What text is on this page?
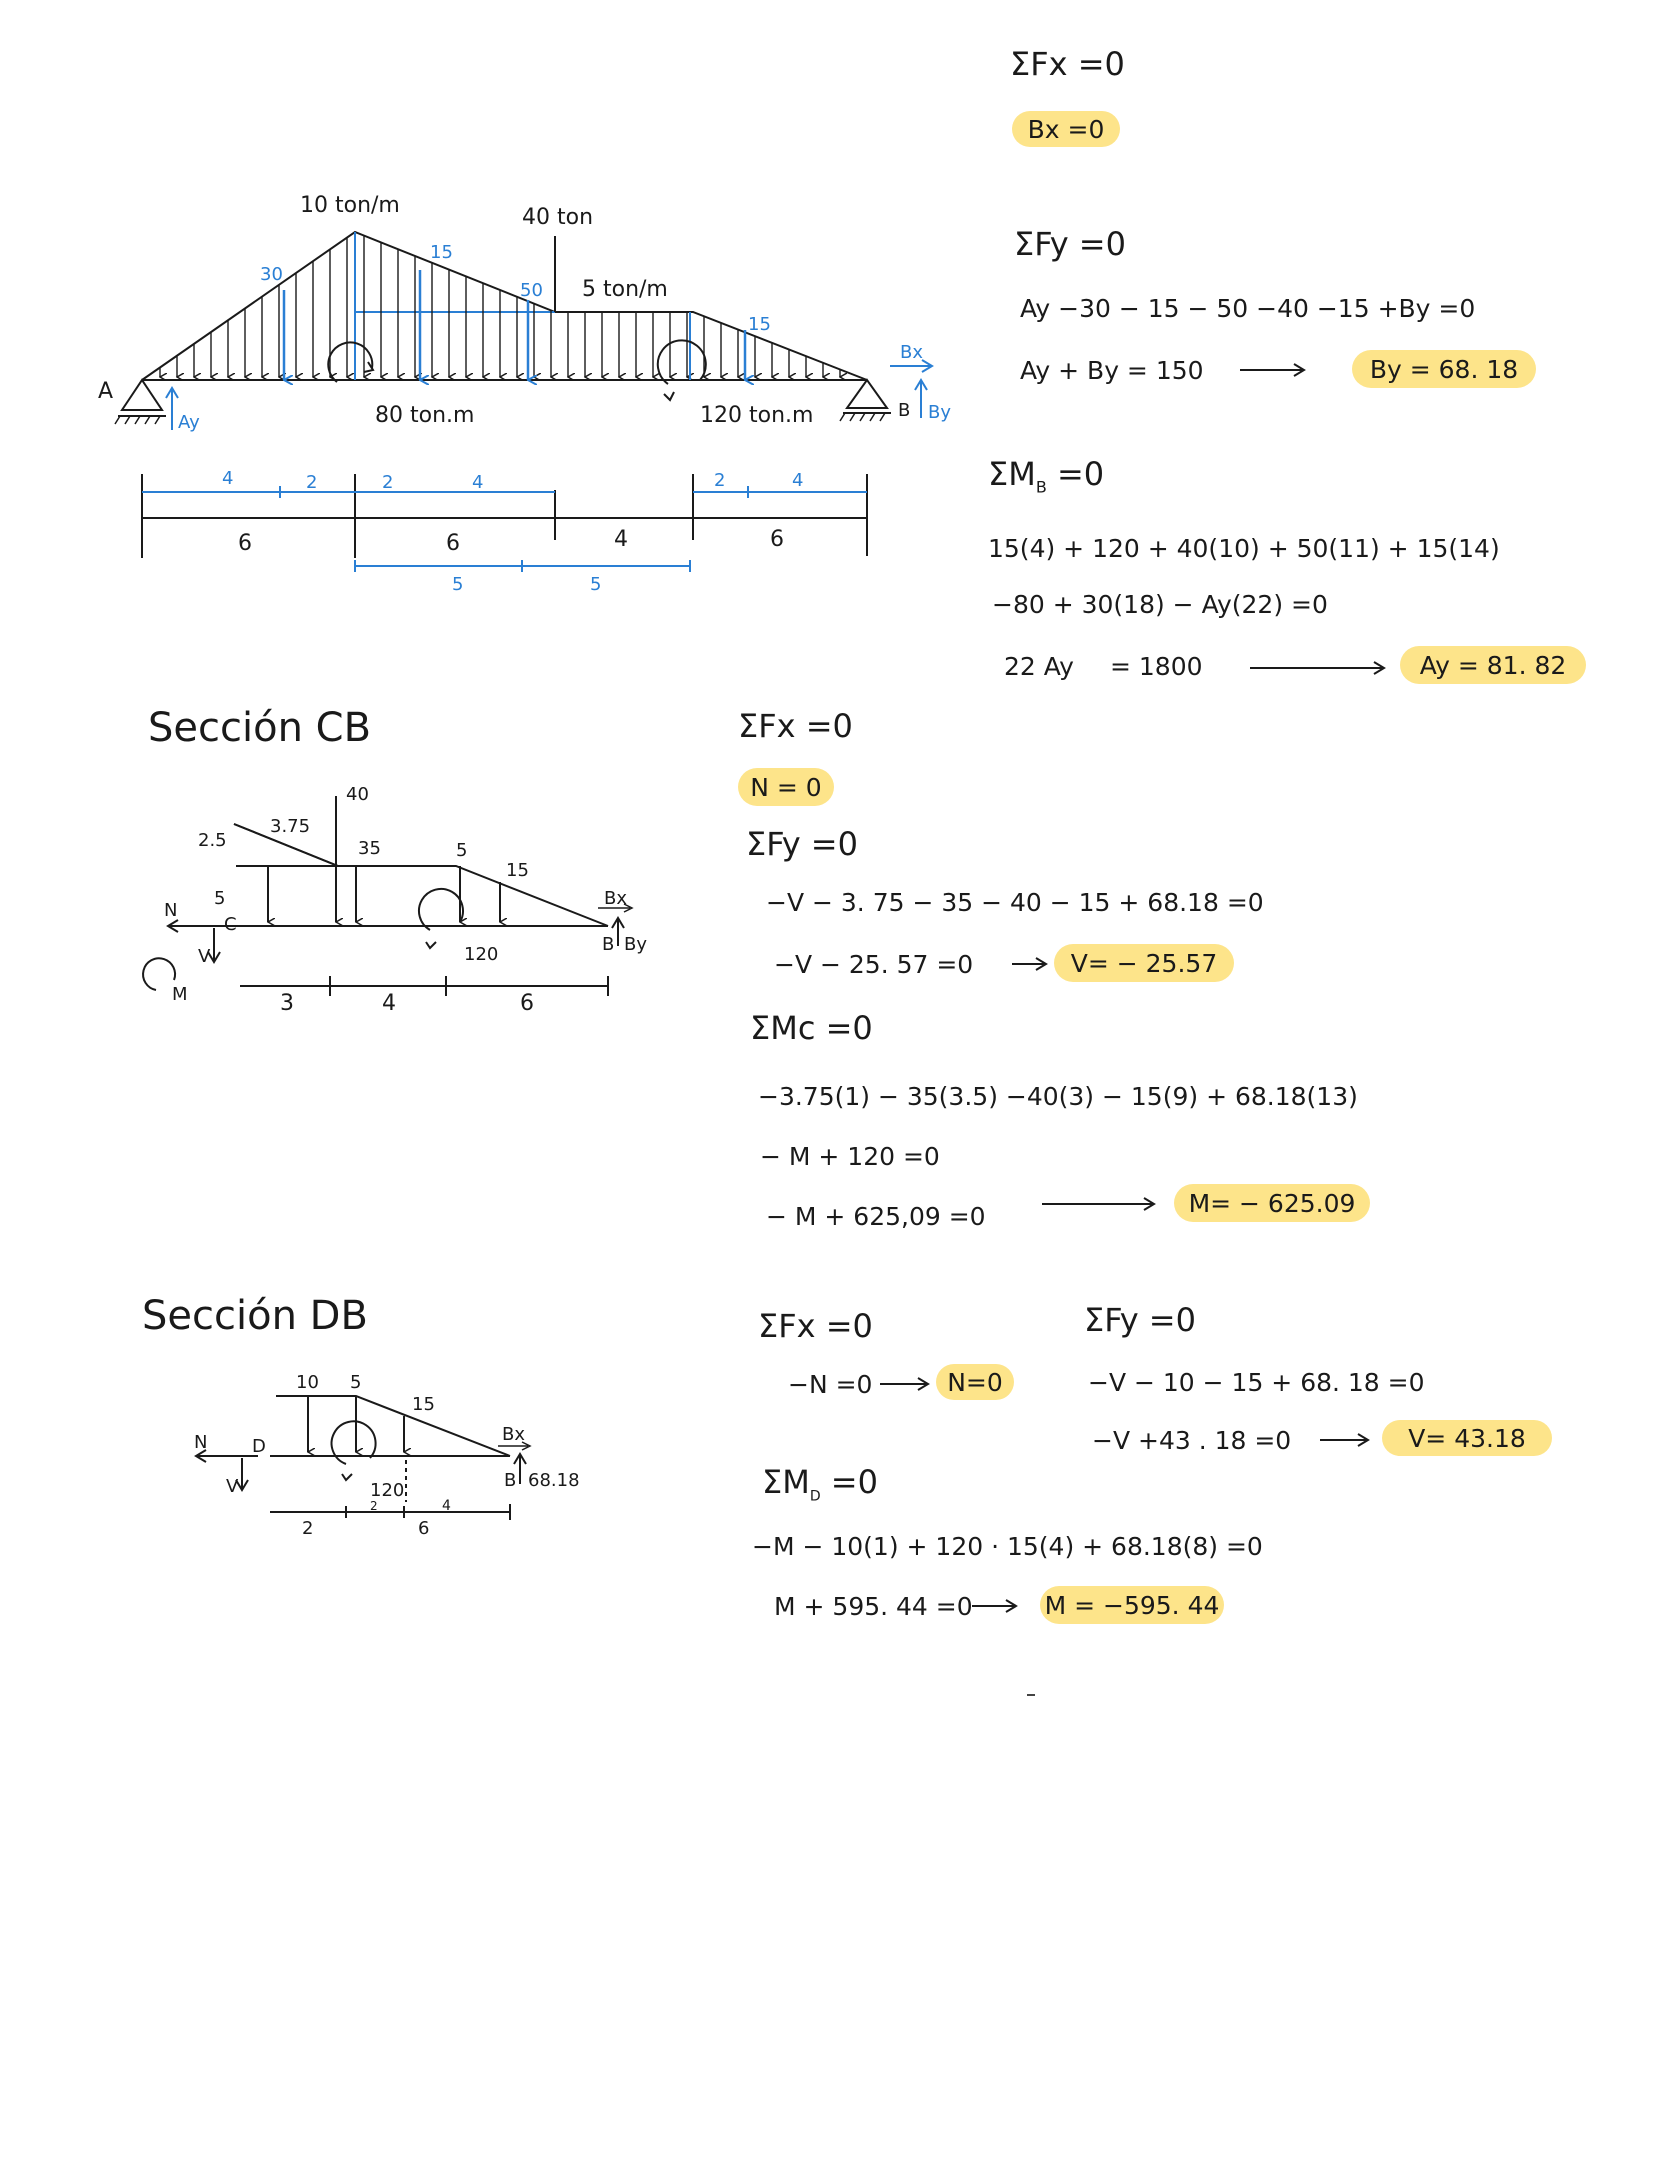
10 ton/m	40 ton
5 ton/m
80 ton.m	120 ton.m
A
B
Ay	By
Bx
30
15
50
15
6	6	4	6
4	2	2	4	2	4
5	5
ΣFx =0
Bx =0
ΣFy =0
Ay −30 − 15 − 50 −40 −15 +By =0
Ay + By = 150	By = 68. 18
$\Sigma M_B =0$
15(4) + 120 + 40(10) + 50(11) + 15(14)
−80 + 30(18) − Ay(22) =0
22 Ay = 1800	Ay = 81. 82
Sección CB
2.5
3.75
40
35	5
15
5
C
N
V
M
120	B
Bx
By
3	4	6
ΣFx =0
N = 0
ΣFy =0
−V − 3. 75 − 35 − 40 − 15 + 68.18 =0
−V − 25. 57 =0	V= − 25.57
ΣMc =0
−3.75(1) − 35(3.5) −40(3) − 15(9) + 68.18(13)
− M + 120 =0
− M + 625,09 =0	M= − 625.09
Sección DB
10 5
15
N D
V	120	B
Bx
68.18
2
2	4
6
ΣFx =0
−N =0	N=0
ΣFy =0
−V − 10 − 15 + 68. 18 =0
−V +43 . 18 =0	V= 43.18
$\Sigma M_D =0$
−M − 10(1) + 120 · 15(4) + 68.18(8) =0
M + 595. 44 =0	M = −595. 44
